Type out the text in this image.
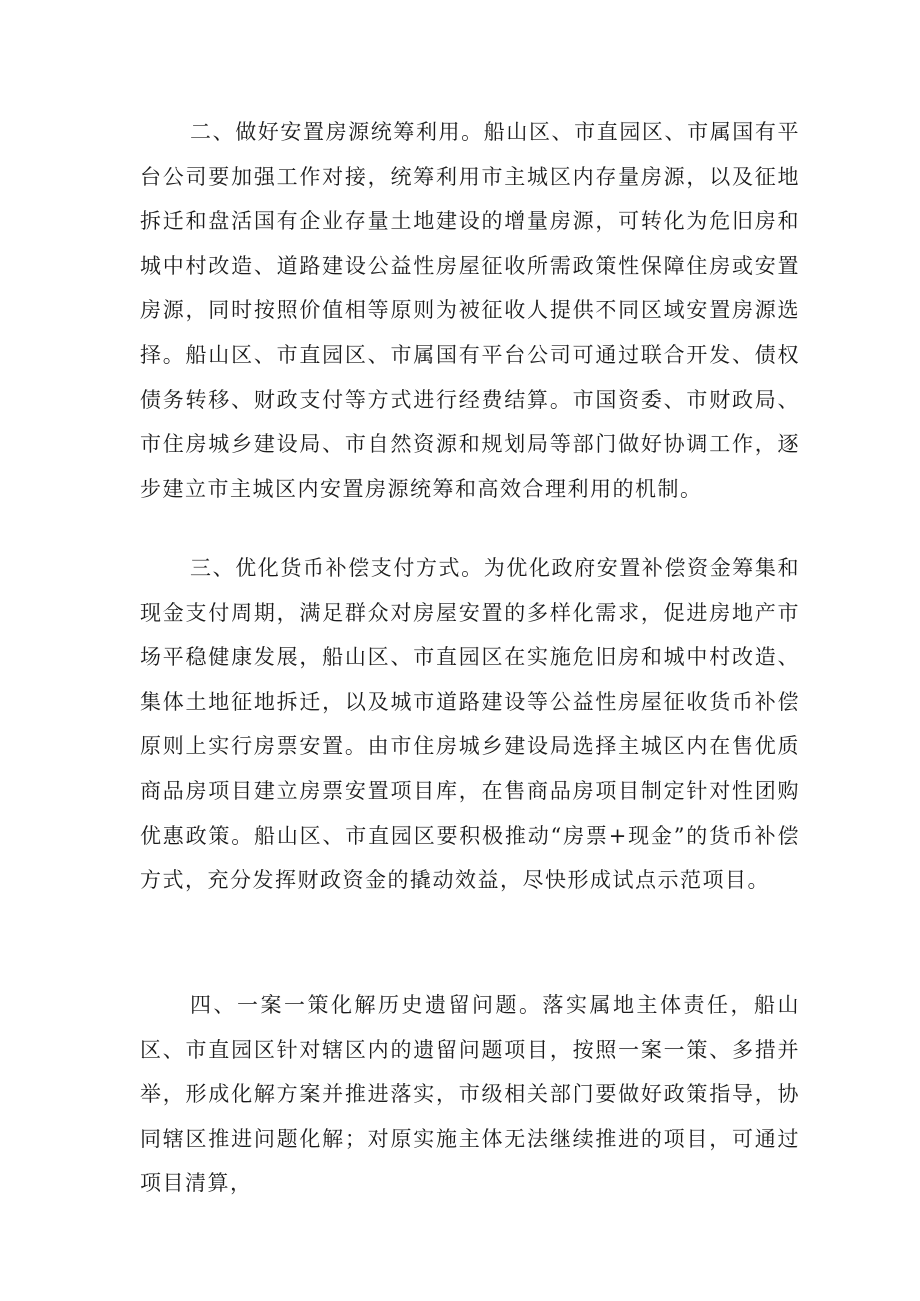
二、做好安置房源统筹利用。船山区、市直园区、市属国有平台公司要加强工作对接，统筹利用市主城区内存量房源，以及征地拆迁和盘活国有企业存量土地建设的增量房源，可转化为危旧房和城中村改造、道路建设公益性房屋征收所需政策性保障住房或安置房源，同时按照价值相等原则为被征收人提供不同区域安置房源选择。船山区、市直园区、市属国有平台公司可通过联合开发、债权债务转移、财政支付等方式进行经费结算。市国资委、市财政局、市住房城乡建设局、市自然资源和规划局等部门做好协调工作，逐步建立市主城区内安置房源统筹和高效合理利用的机制。

三、优化货币补偿支付方式。为优化政府安置补偿资金筹集和现金支付周期，满足群众对房屋安置的多样化需求，促进房地产市场平稳健康发展，船山区、市直园区在实施危旧房和城中村改造、集体土地征地拆迁，以及城市道路建设等公益性房屋征收货币补偿原则上实行房票安置。由市住房城乡建设局选择主城区内在售优质商品房项目建立房票安置项目库，在售商品房项目制定针对性团购优惠政策。船山区、市直园区要积极推动“房票+现金”的货币补偿方式，充分发挥财政资金的撬动效益，尽快形成试点示范项目。

四、一案一策化解历史遗留问题。落实属地主体责任，船山区、市直园区针对辖区内的遗留问题项目，按照一案一策、多措并举，形成化解方案并推进落实，市级相关部门要做好政策指导，协同辖区推进问题化解；对原实施主体无法继续推进的项目，可通过项目清算，
